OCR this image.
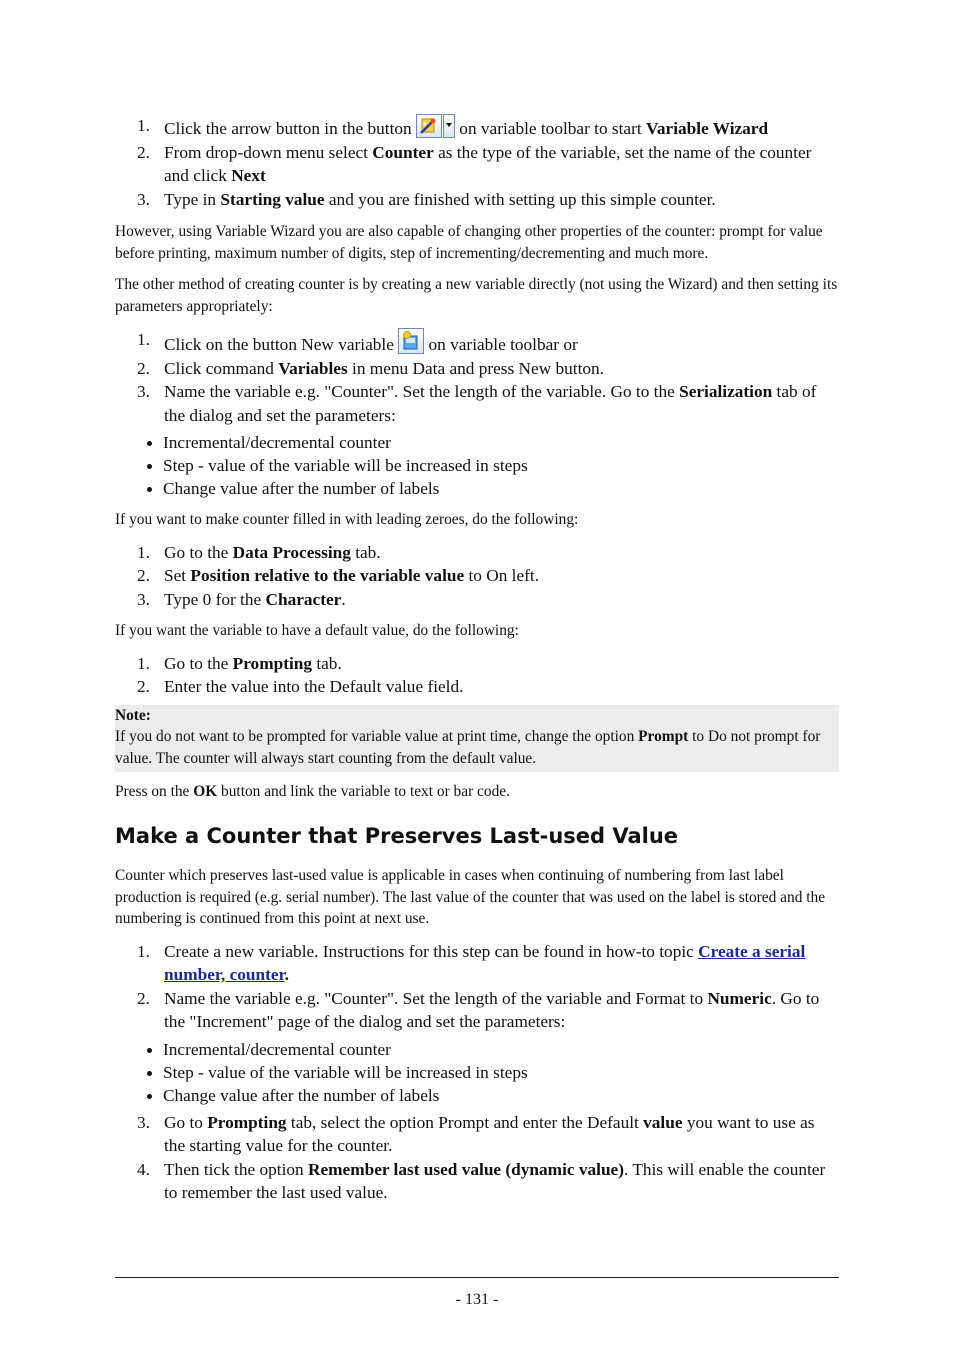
1. Click the arrow button in the button
on variable toolbar to start Variable Wizard
2. From drop-down menu select Counter as the type of the variable, set the name of the counter and click Next
3. Type in Starting value and you are finished with setting up this simple counter.

However, using Variable Wizard you are also capable of changing other properties of the counter: prompt for value before printing, maximum number of digits, step of incrementing/decrementing and much more.

The other method of creating counter is by creating a new variable directly (not using the Wizard) and then setting its parameters appropriately:

1. Click on the button New variable
on variable toolbar or
2. Click command Variables in menu Data and press New button.
3. Name the variable e.g. "Counter". Set the length of the variable. Go to the Serialization tab of the dialog and set the parameters:
Incremental/decremental counter
Step - value of the variable will be increased in steps
Change value after the number of labels

If you want to make counter filled in with leading zeroes, do the following:

1. Go to the Data Processing tab.
2. Set Position relative to the variable value to On left.
3. Type 0 for the Character.

If you want the variable to have a default value, do the following:

1. Go to the Prompting tab.
2. Enter the value into the Default value field.
Note:
If you do not want to be prompted for variable value at print time, change the option Prompt to Do not prompt for value. The counter will always start counting from the default value.

Press on the OK button and link the variable to text or bar code.

Make a Counter that Preserves Last-used Value

Counter which preserves last-used value is applicable in cases when continuing of numbering from last label production is required (e.g. serial number). The last value of the counter that was used on the label is stored and the numbering is continued from this point at next use.

1. Create a new variable. Instructions for this step can be found in how-to topic Create a serial number, counter.
2. Name the variable e.g. "Counter". Set the length of the variable and Format to Numeric. Go to the "Increment" page of the dialog and set the parameters:
Incremental/decremental counter
Step - value of the variable will be increased in steps
Change value after the number of labels
3. Go to Prompting tab, select the option Prompt and enter the Default value you want to use as the starting value for the counter.
4. Then tick the option Remember last used value (dynamic value). This will enable the counter to remember the last used value.
- 131 -
